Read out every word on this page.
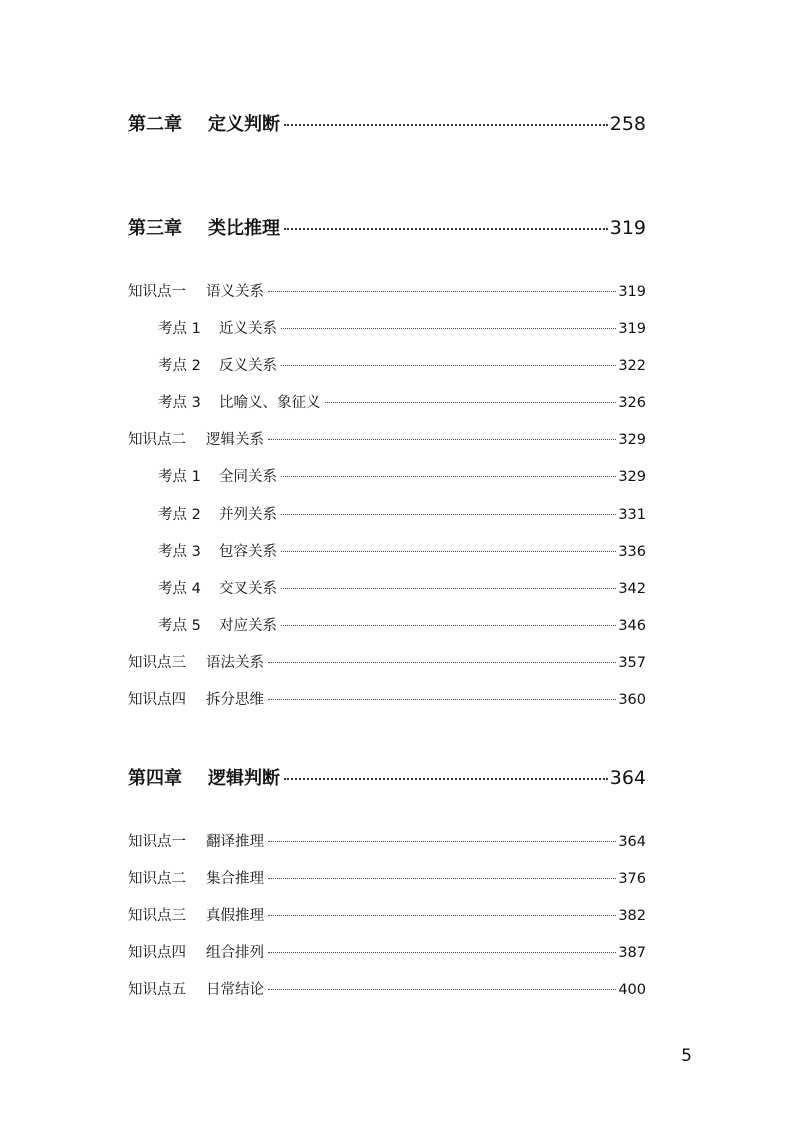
第二章 定义判断	258
第三章 类比推理	319
知识点一 语义关系	319
考点 1 近义关系	319
考点 2 反义关系	322
考点 3 比喻义、象征义	326
知识点二 逻辑关系	329
考点 1 全同关系	329
考点 2 并列关系	331
考点 3 包容关系	336
考点 4 交叉关系	342
考点 5 对应关系	346
知识点三 语法关系	357
知识点四 拆分思维	360
第四章 逻辑判断	364
知识点一 翻译推理	364
知识点二 集合推理	376
知识点三 真假推理	382
知识点四 组合排列	387
知识点五 日常结论	400
5
